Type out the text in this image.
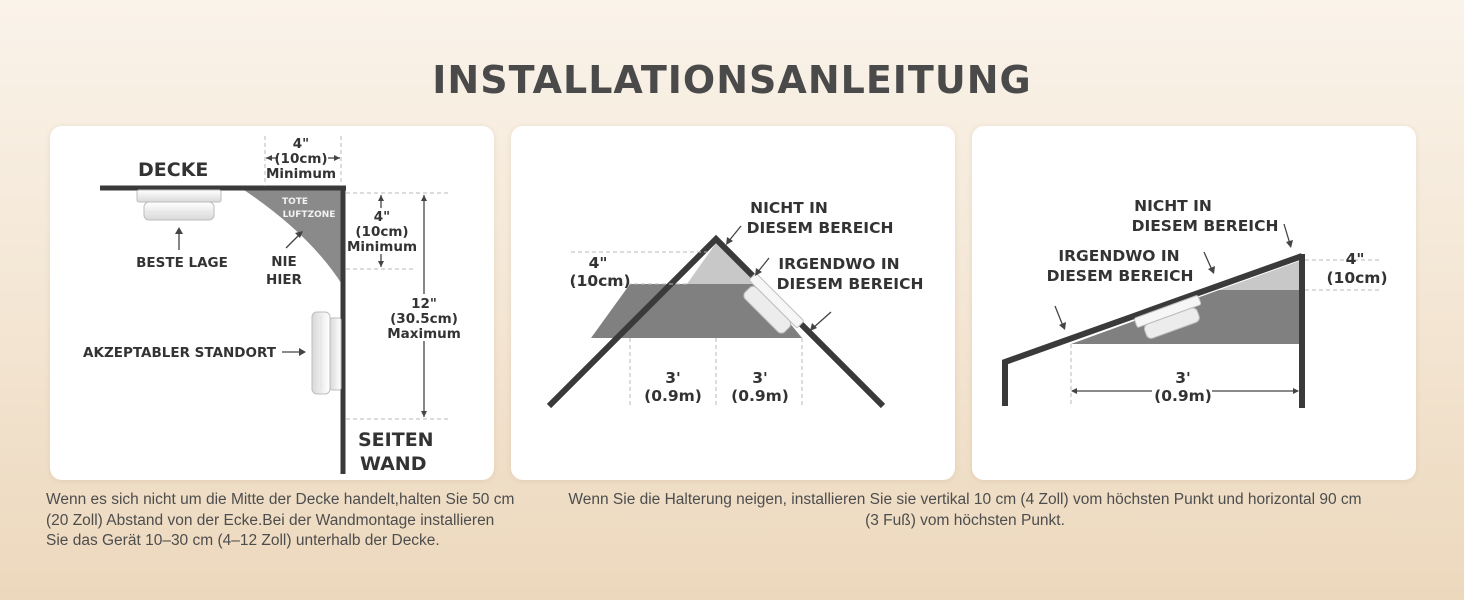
INSTALLATIONSANLEITUNG
4"
(10cm)
Minimum
4"
(10cm)
Minimum
12"
(30.5cm)
Maximum
DECKE
TOTE
LUFTZONE
BESTE LAGE	NIE
HIER
AKZEPTABLER STANDORT
SEITEN
WAND
4"
(10cm)
NICHT IN
DIESEM BEREICH
IRGENDWO IN
DIESEM BEREICH
3'
(0.9m)
3'
(0.9m)
NICHT IN
DIESEM BEREICH
IRGENDWO IN
DIESEM BEREICH
4"
(10cm)
3'
(0.9m)
Wenn es sich nicht um die Mitte der Decke handelt,halten Sie 50 cm (20 Zoll) Abstand von der Ecke.Bei der Wandmontage installieren Sie das Gerät 10–30 cm (4–12 Zoll) unterhalb der Decke.
Wenn Sie die Halterung neigen, installieren Sie sie vertikal 10 cm (4 Zoll) vom höchsten Punkt und horizontal 90 cm (3 Fuß) vom höchsten Punkt.
